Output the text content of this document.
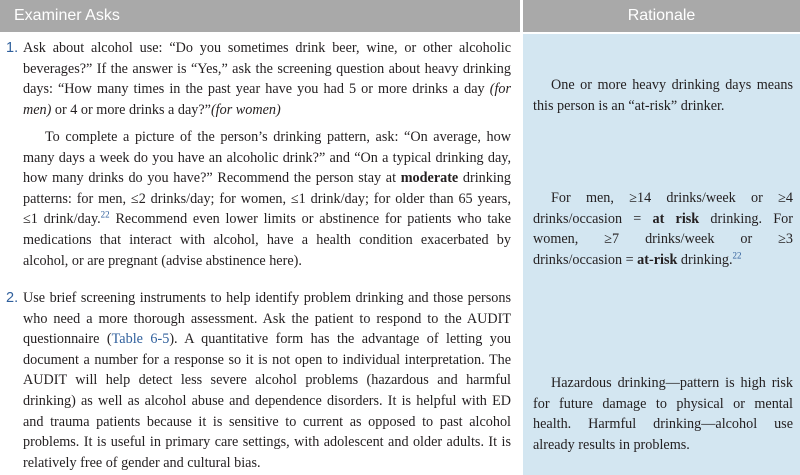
Examiner Asks	Rationale
1. Ask about alcohol use: “Do you sometimes drink beer, wine, or other alcoholic beverages?” If the answer is “Yes,” ask the screening question about heavy drinking days: “How many times in the past year have you had 5 or more drinks a day (for men) or 4 or more drinks a day?”(for women)
To complete a picture of the person’s drinking pattern, ask: “On average, how many days a week do you have an alcoholic drink?” and “On a typical drinking day, how many drinks do you have?” Recommend the person stay at moderate drinking patterns: for men, ≤2 drinks/day; for women, ≤1 drink/day; for older than 65 years, ≤1 drink/day.$^{22}$ Recommend even lower limits or abstinence for patients who take medications that interact with alcohol, have a health condition exacerbated by alcohol, or are pregnant (advise abstinence here).
2. Use brief screening instruments to help identify problem drinking and those persons who need a more thorough assessment. Ask the patient to respond to the AUDIT questionnaire (Table 6-5). A quantitative form has the advantage of letting you document a number for a response so it is not open to individual interpretation. The AUDIT will help detect less severe alcohol problems (hazardous and harmful drinking) as well as alcohol abuse and dependence disorders. It is helpful with ED and trauma patients because it is sensitive to current as opposed to past alcohol problems. It is useful in primary care settings, with adolescent and older adults. It is relatively free of gender and cultural bias.
One or more heavy drinking days means this person is an “at-risk” drinker.
For men, ≥14 drinks/week or ≥4 drinks/occasion = at risk drinking. For women, ≥7 drinks/week or ≥3 drinks/occasion = at-risk drinking.$^{22}$
Hazardous drinking—pattern is high risk for future damage to physical or mental health. Harmful drinking—alcohol use already results in problems.
